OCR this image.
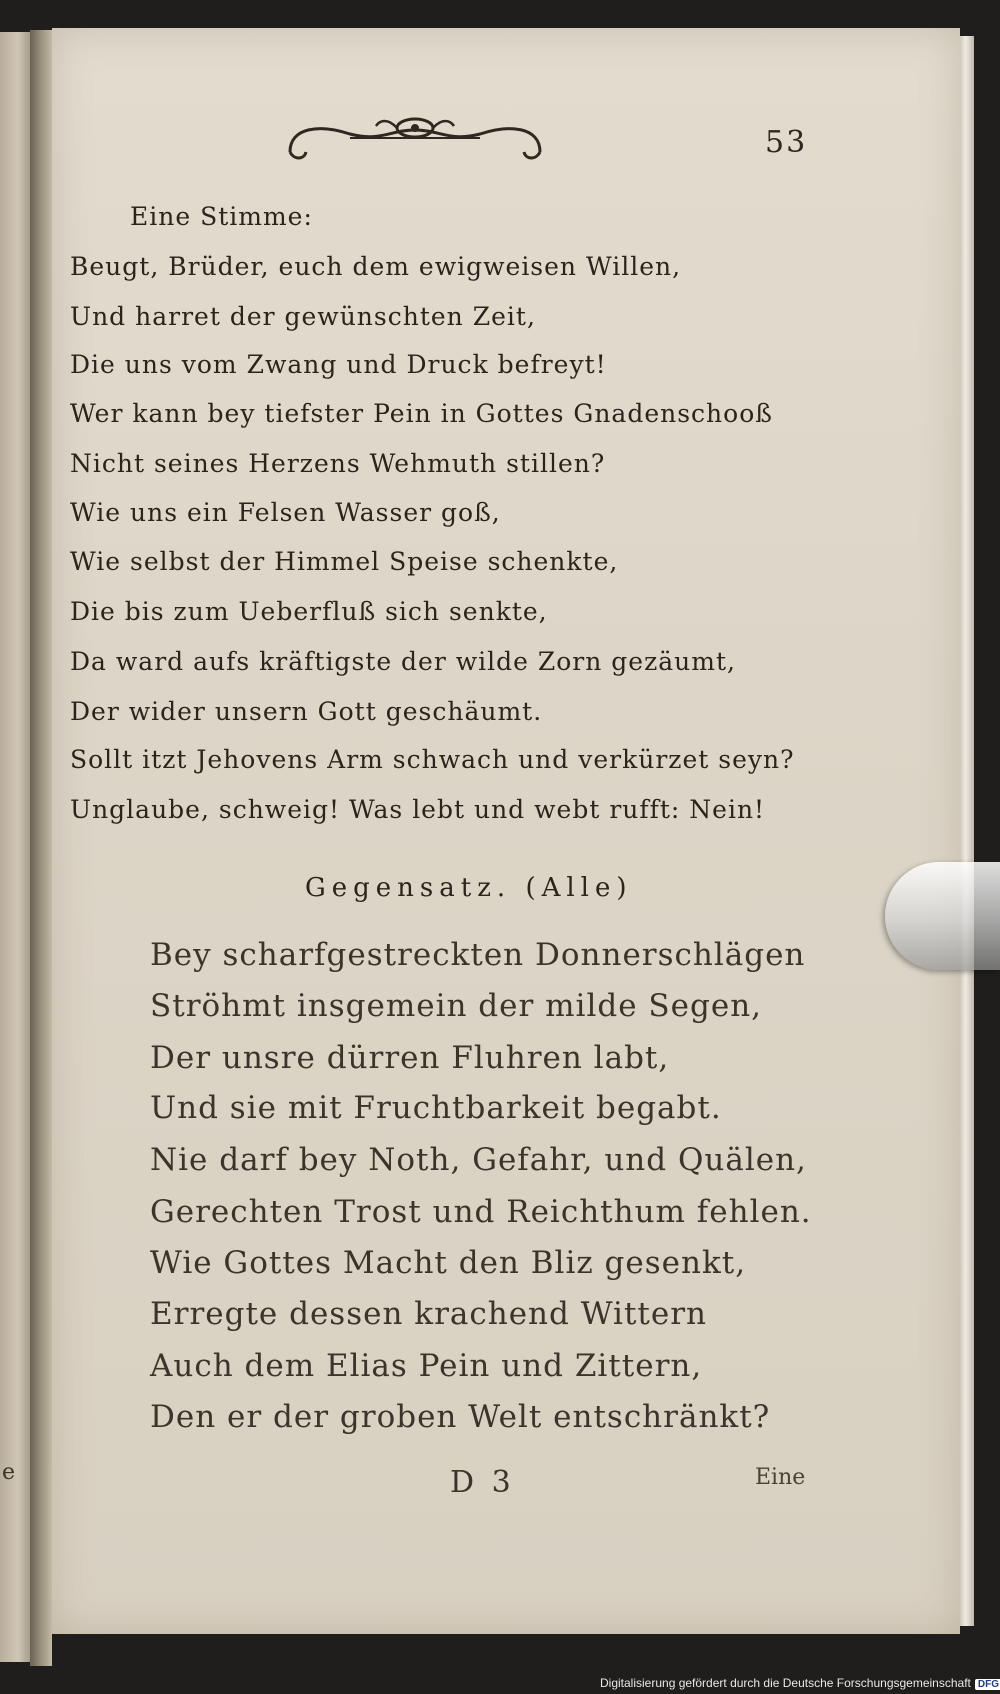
e
53
Eine Stimme:
Beugt, Brüder, euch dem ewigweisen Willen,
Und harret der gewünschten Zeit,
Die uns vom Zwang und Druck befreyt!
Wer kann bey tiefster Pein in Gottes Gnadenschooß
Nicht seines Herzens Wehmuth stillen?
Wie uns ein Felsen Wasser goß,
Wie selbst der Himmel Speise schenkte,
Die bis zum Ueberfluß sich senkte,
Da ward aufs kräftigste der wilde Zorn gezäumt,
Der wider unsern Gott geschäumt.
Sollt itzt Jehovens Arm schwach und verkürzet seyn?
Unglaube, schweig! Was lebt und webt rufft: Nein!
Gegensatz. (Alle)
Bey scharfgestreckten Donnerschlägen
Ströhmt insgemein der milde Segen,
Der unsre dürren Fluhren labt,
Und sie mit Fruchtbarkeit begabt.
Nie darf bey Noth, Gefahr, und Quälen,
Gerechten Trost und Reichthum fehlen.
Wie Gottes Macht den Bliz gesenkt,
Erregte dessen krachend Wittern
Auch dem Elias Pein und Zittern,
Den er der groben Welt entschränkt?
D 3	Eine
Digitalisierung gefördert durch die Deutsche Forschungsgemeinschaft DFG
